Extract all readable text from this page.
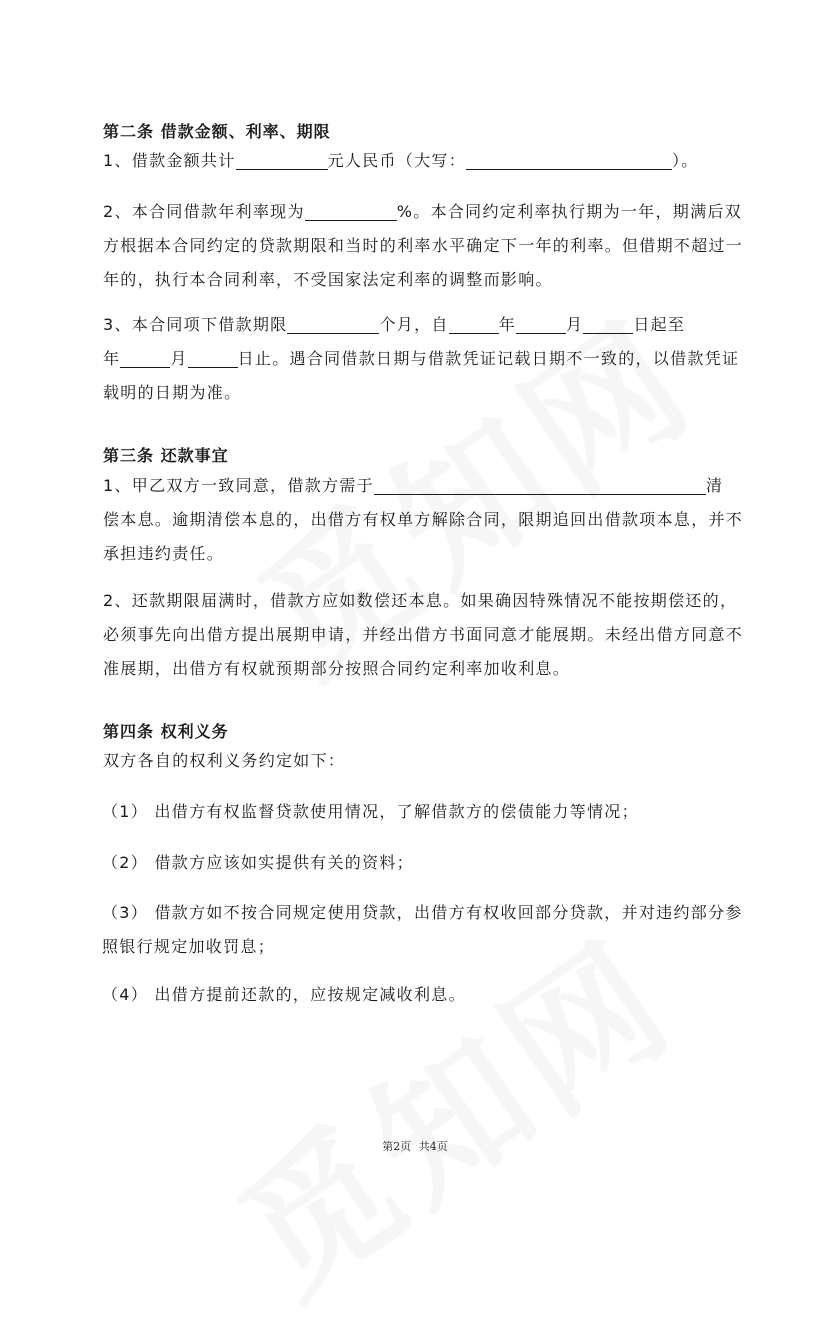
第二条 借款金额、利率、期限
1、借款金额共计	元人民币（大写：	）。
2、本合同借款年利率现为	%。本合同约定利率执行期为一年，期满后双
方根据本合同约定的贷款期限和当时的利率水平确定下一年的利率。但借期不超过一
年的，执行本合同利率，不受国家法定利率的调整而影响。
3、本合同项下借款期限	个月，自	年	月	日起至
年	月	日止。遇合同借款日期与借款凭证记载日期不一致的，以借款凭证
载明的日期为准。
第三条 还款事宜
1、甲乙双方一致同意，借款方需于	清
偿本息。逾期清偿本息的，出借方有权单方解除合同，限期追回出借款项本息，并不
承担违约责任。
2、还款期限届满时，借款方应如数偿还本息。如果确因特殊情况不能按期偿还的，
必须事先向出借方提出展期申请，并经出借方书面同意才能展期。未经出借方同意不
准展期，出借方有权就预期部分按照合同约定利率加收利息。
第四条 权利义务
双方各自的权利义务约定如下：
（1） 出借方有权监督贷款使用情况，了解借款方的偿债能力等情况；
（2） 借款方应该如实提供有关的资料；
（3） 借款方如不按合同规定使用贷款，出借方有权收回部分贷款，并对违约部分参
照银行规定加收罚息；
（4） 出借方提前还款的，应按规定减收利息。
第2页 共4页
